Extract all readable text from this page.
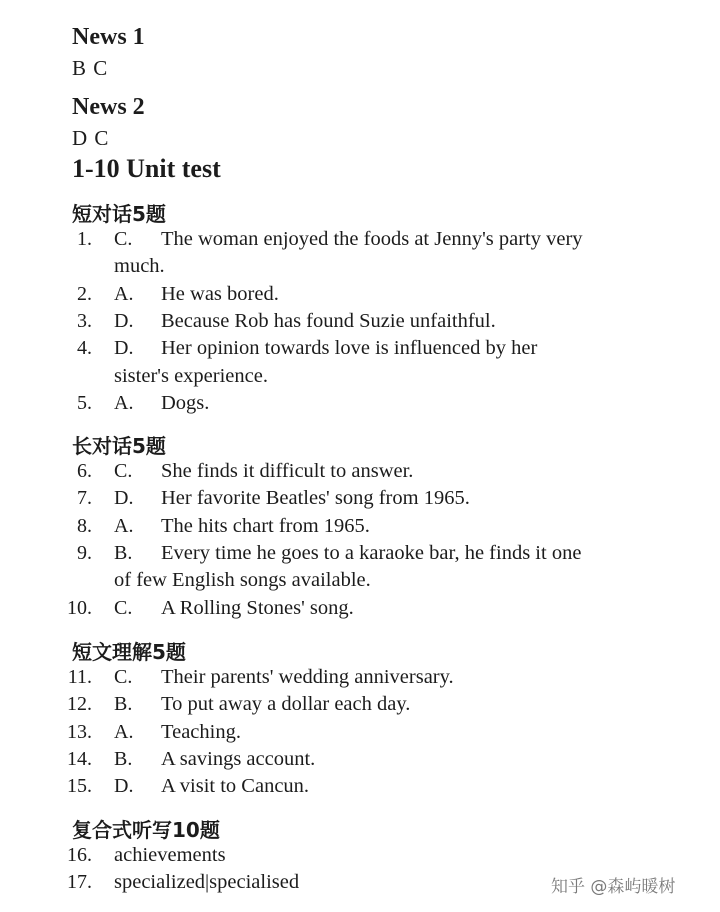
News 1
B C
News 2
D C
1-10 Unit test
短对话5题
1. C. The woman enjoyed the foods at Jenny's party very
much.
2. A. He was bored.
3. D. Because Rob has found Suzie unfaithful.
4. D. Her opinion towards love is influenced by her
sister's experience.
5. A. Dogs.
长对话5题
6. C. She finds it difficult to answer.
7. D. Her favorite Beatles' song from 1965.
8. A. The hits chart from 1965.
9. B. Every time he goes to a karaoke bar, he finds it one
of few English songs available.
10. C. A Rolling Stones' song.
短文理解5题
11. C. Their parents' wedding anniversary.
12. B. To put away a dollar each day.
13. A. Teaching.
14. B. A savings account.
15. D. A visit to Cancun.
复合式听写10题
16. achievements
17. specialized|specialised	知乎 @森屿暖树
